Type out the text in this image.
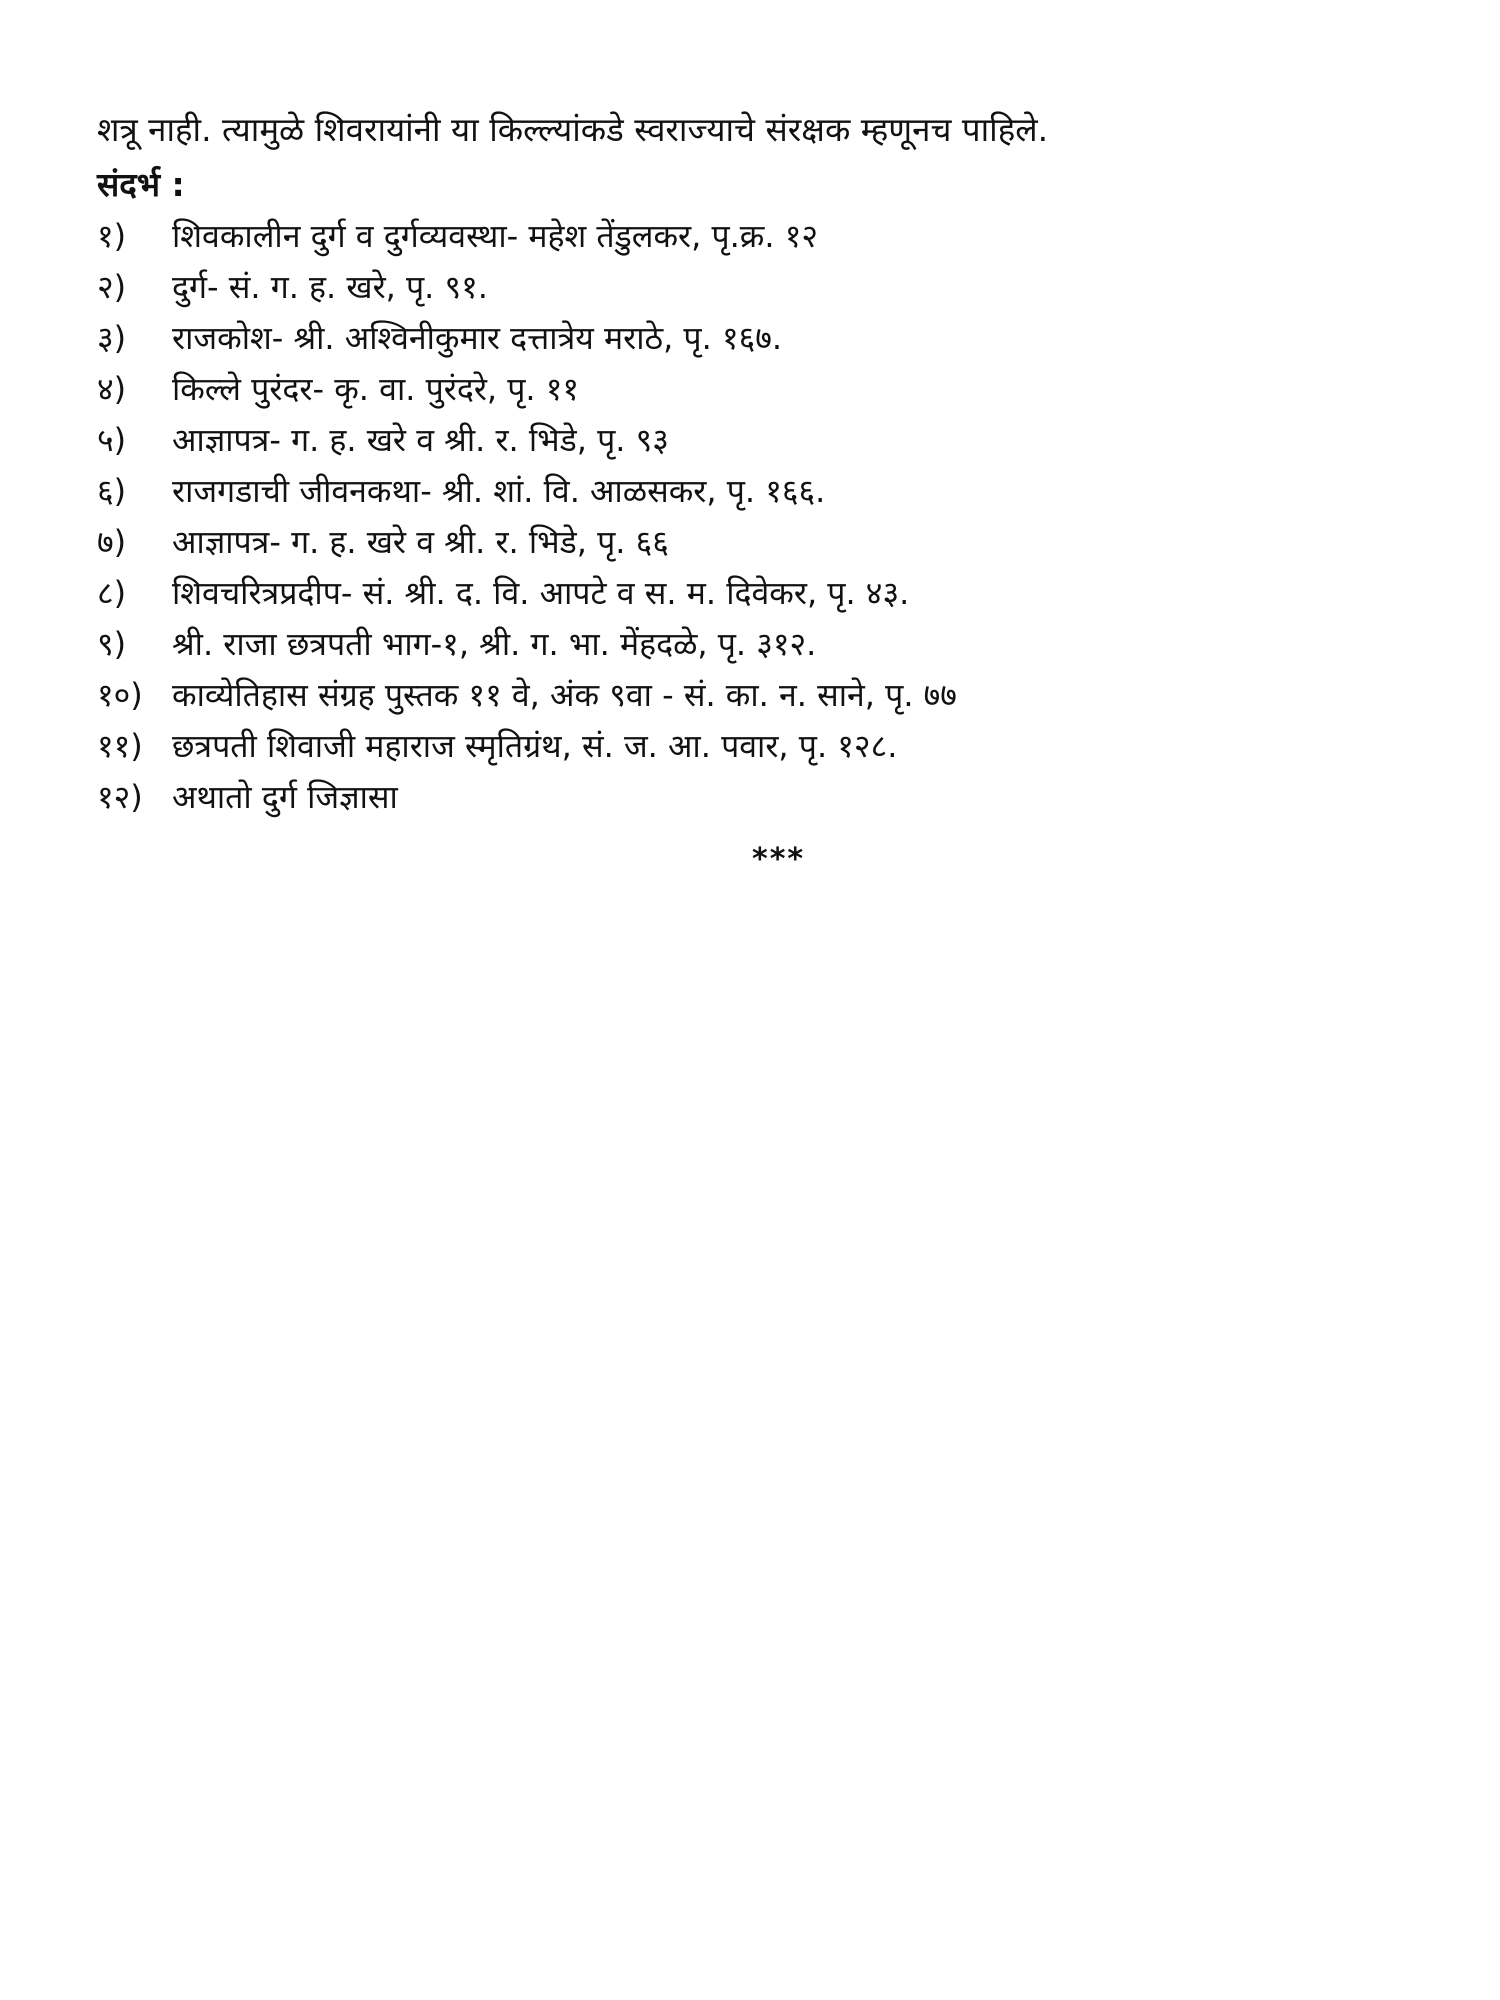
शत्रू नाही. त्यामुळे शिवरायांनी या किल्ल्यांकडे स्वराज्याचे संरक्षक म्हणूनच पाहिले.
संदर्भ :
१)	शिवकालीन दुर्ग व दुर्गव्यवस्था- महेश तेंडुलकर, पृ.क्र. १२
२)	दुर्ग- सं. ग. ह. खरे, पृ. ९१.
३)	राजकोश- श्री. अश्विनीकुमार दत्तात्रेय मराठे, पृ. १६७.
४)	किल्ले पुरंदर- कृ. वा. पुरंदरे, पृ. ११
५)	आज्ञापत्र- ग. ह. खरे व श्री. र. भिडे, पृ. ९३
६)	राजगडाची जीवनकथा- श्री. शां. वि. आळसकर, पृ. १६६.
७)	आज्ञापत्र- ग. ह. खरे व श्री. र. भिडे, पृ. ६६
८)	शिवचरित्रप्रदीप- सं. श्री. द. वि. आपटे व स. म. दिवेकर, पृ. ४३.
९)	श्री. राजा छत्रपती भाग-१, श्री. ग. भा. मेंहदळे, पृ. ३१२.
१०) काव्येतिहास संग्रह पुस्तक ११ वे, अंक ९वा - सं. का. न. साने, पृ. ७७
११) छत्रपती शिवाजी महाराज स्मृतिग्रंथ, सं. ज. आ. पवार, पृ. १२८.
१२) अथातो दुर्ग जिज्ञासा
***
